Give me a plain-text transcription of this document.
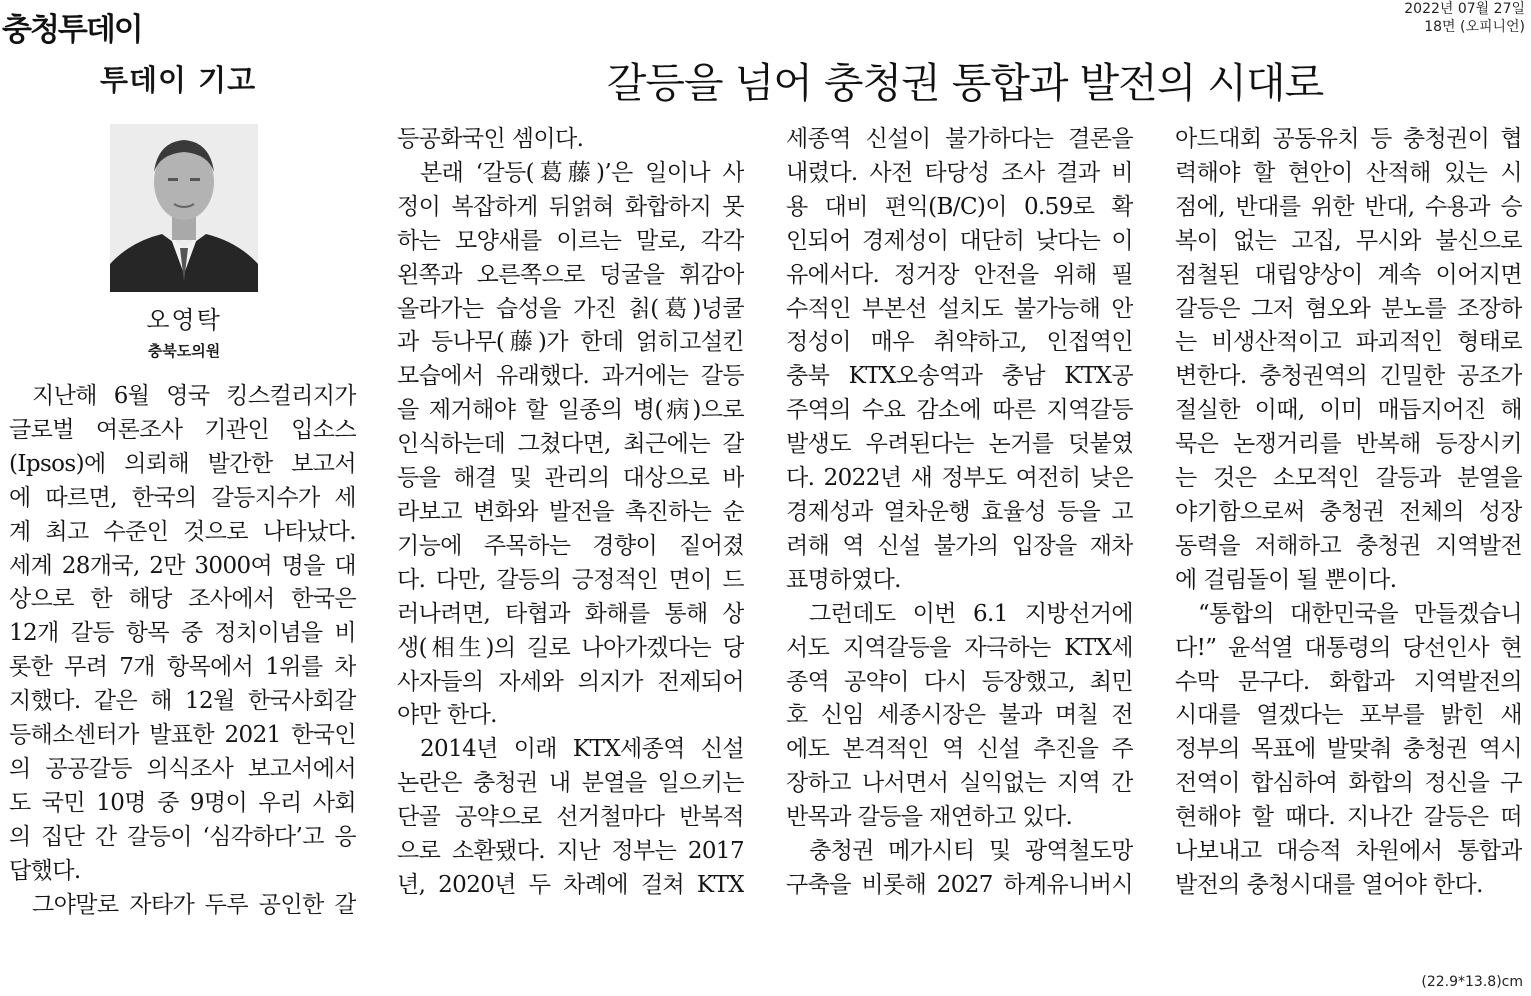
충청투데이
2022년 07월 27일
18면 (오피니언)
투데이 기고	갈등을 넘어 충청권 통합과 발전의 시대로
오영탁
충북도의원

지난해 6월 영국 킹스컬리지가

글로벌 여론조사 기관인 입소스

(Ipsos)에 의뢰해 발간한 보고서

에 따르면, 한국의 갈등지수가 세

계 최고 수준인 것으로 나타났다.

세계 28개국, 2만 3000여 명을 대

상으로 한 해당 조사에서 한국은

12개 갈등 항목 중 정치이념을 비

롯한 무려 7개 항목에서 1위를 차

지했다. 같은 해 12월 한국사회갈

등해소센터가 발표한 2021 한국인

의 공공갈등 의식조사 보고서에서

도 국민 10명 중 9명이 우리 사회

의 집단 간 갈등이 ‘심각하다’고 응

답했다.

그야말로 자타가 두루 공인한 갈

등공화국인 셈이다.

본래 ‘갈등(葛藤)’은 일이나 사

정이 복잡하게 뒤얽혀 화합하지 못

하는 모양새를 이르는 말로, 각각

왼쪽과 오른쪽으로 덩굴을 휘감아

올라가는 습성을 가진 칡(葛)넝쿨

과 등나무(藤)가 한데 얽히고설킨

모습에서 유래했다. 과거에는 갈등

을 제거해야 할 일종의 병(病)으로

인식하는데 그쳤다면, 최근에는 갈

등을 해결 및 관리의 대상으로 바

라보고 변화와 발전을 촉진하는 순

기능에 주목하는 경향이 짙어졌

다. 다만, 갈등의 긍정적인 면이 드

러나려면, 타협과 화해를 통해 상

생(相生)의 길로 나아가겠다는 당

사자들의 자세와 의지가 전제되어

야만 한다.

2014년 이래 KTX세종역 신설

논란은 충청권 내 분열을 일으키는

단골 공약으로 선거철마다 반복적

으로 소환됐다. 지난 정부는 2017

년, 2020년 두 차례에 걸쳐 KTX

세종역 신설이 불가하다는 결론을

내렸다. 사전 타당성 조사 결과 비

용 대비 편익(B/C)이 0.59로 확

인되어 경제성이 대단히 낮다는 이

유에서다. 정거장 안전을 위해 필

수적인 부본선 설치도 불가능해 안

정성이 매우 취약하고, 인접역인

충북 KTX오송역과 충남 KTX공

주역의 수요 감소에 따른 지역갈등

발생도 우려된다는 논거를 덧붙였

다. 2022년 새 정부도 여전히 낮은

경제성과 열차운행 효율성 등을 고

려해 역 신설 불가의 입장을 재차

표명하였다.

그런데도 이번 6.1 지방선거에

서도 지역갈등을 자극하는 KTX세

종역 공약이 다시 등장했고, 최민

호 신임 세종시장은 불과 며칠 전

에도 본격적인 역 신설 추진을 주

장하고 나서면서 실익없는 지역 간

반목과 갈등을 재연하고 있다.

충청권 메가시티 및 광역철도망

구축을 비롯해 2027 하계유니버시

아드대회 공동유치 등 충청권이 협

력해야 할 현안이 산적해 있는 시

점에, 반대를 위한 반대, 수용과 승

복이 없는 고집, 무시와 불신으로

점철된 대립양상이 계속 이어지면

갈등은 그저 혐오와 분노를 조장하

는 비생산적이고 파괴적인 형태로

변한다. 충청권역의 긴밀한 공조가

절실한 이때, 이미 매듭지어진 해

묵은 논쟁거리를 반복해 등장시키

는 것은 소모적인 갈등과 분열을

야기함으로써 충청권 전체의 성장

동력을 저해하고 충청권 지역발전

에 걸림돌이 될 뿐이다.

“통합의 대한민국을 만들겠습니

다!” 윤석열 대통령의 당선인사 현

수막 문구다. 화합과 지역발전의

시대를 열겠다는 포부를 밝힌 새

정부의 목표에 발맞춰 충청권 역시

전역이 합심하여 화합의 정신을 구

현해야 할 때다. 지나간 갈등은 떠

나보내고 대승적 차원에서 통합과

발전의 충청시대를 열어야 한다.

(22.9*13.8)cm
